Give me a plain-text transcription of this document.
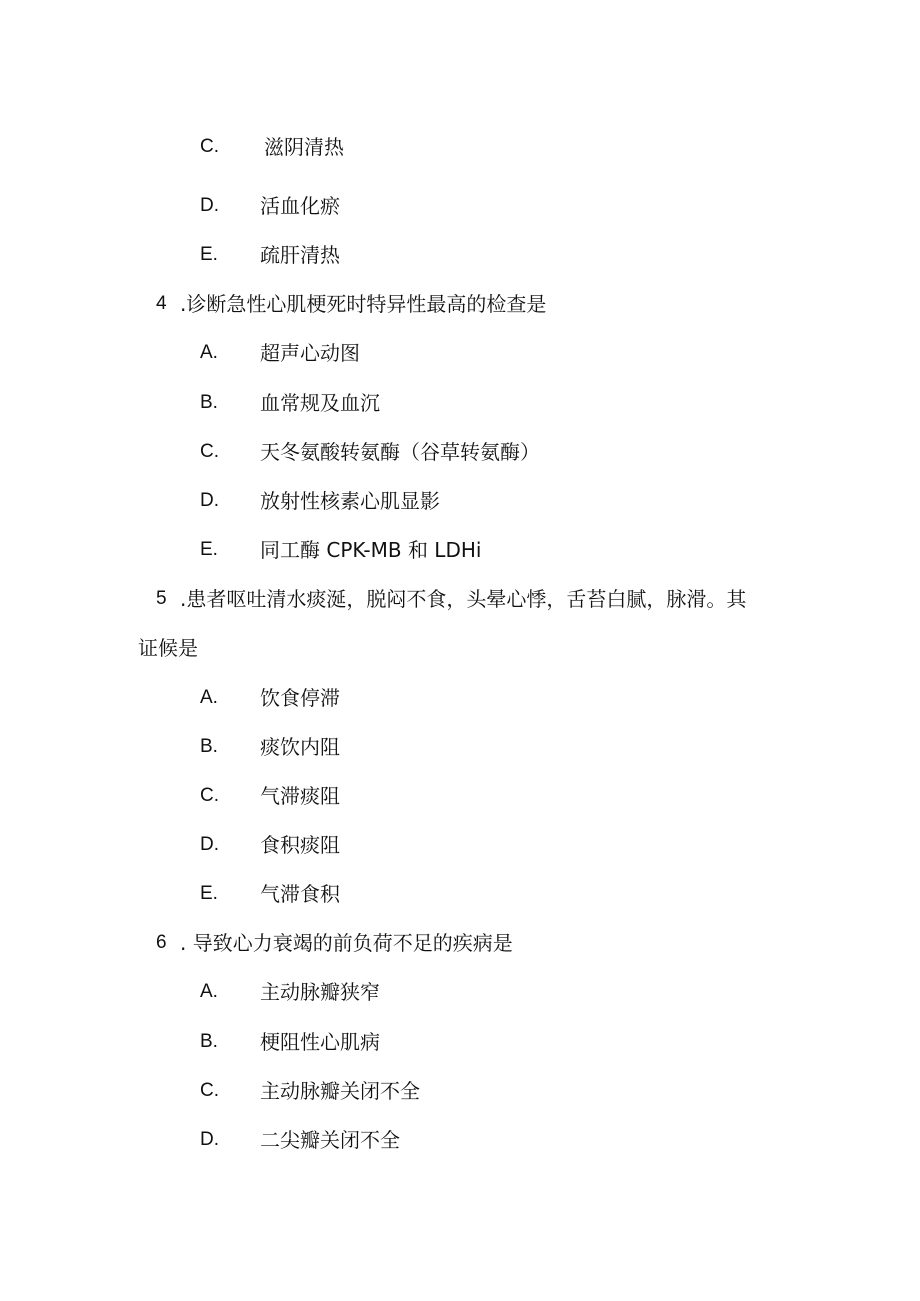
C. 滋阴清热
D. 活血化瘀
E. 疏肝清热
4 .诊断急性心肌梗死时特异性最高的检查是
A. 超声心动图
B. 血常规及血沉
C. 天冬氨酸转氨酶（谷草转氨酶）
D. 放射性核素心肌显影
E. 同工酶 CPK-MB 和 LDHi
5 .患者呕吐清水痰涎，脱闷不食，头晕心悸，舌苔白腻，脉滑。其
证候是
A. 饮食停滞
B. 痰饮内阻
C. 气滞痰阻
D. 食积痰阻
E. 气滞食积
6 . 导致心力衰竭的前负荷不足的疾病是
A. 主动脉瓣狭窄
B. 梗阻性心肌病
C. 主动脉瓣关闭不全
D. 二尖瓣关闭不全
